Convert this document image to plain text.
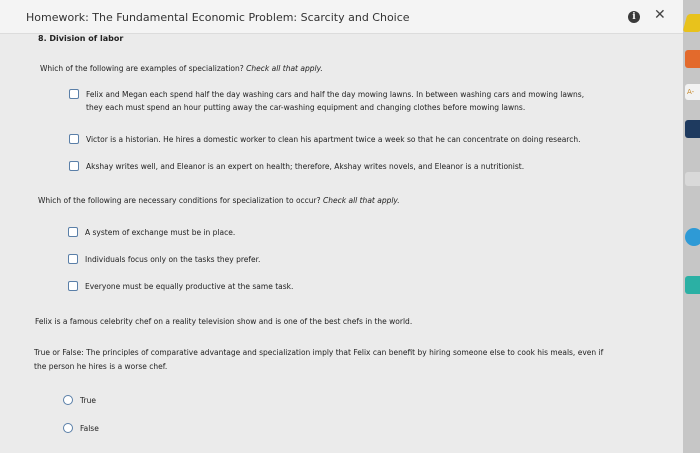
Homework: The Fundamental Economic Problem: Scarcity and Choice	i	✕
8. Division of labor
Which of the following are examples of specialization? Check all that apply.
Felix and Megan each spend half the day washing cars and half the day mowing lawns. In between washing cars and mowing lawns,
they each must spend an hour putting away the car-washing equipment and changing clothes before mowing lawns.
Victor is a historian. He hires a domestic worker to clean his apartment twice a week so that he can concentrate on doing research.
Akshay writes well, and Eleanor is an expert on health; therefore, Akshay writes novels, and Eleanor is a nutritionist.
Which of the following are necessary conditions for specialization to occur? Check all that apply.
A system of exchange must be in place.
Individuals focus only on the tasks they prefer.
Everyone must be equally productive at the same task.
Felix is a famous celebrity chef on a reality television show and is one of the best chefs in the world.
True or False: The principles of comparative advantage and specialization imply that Felix can benefit by hiring someone else to cook his meals, even if
the person he hires is a worse chef.
True
False
A-
